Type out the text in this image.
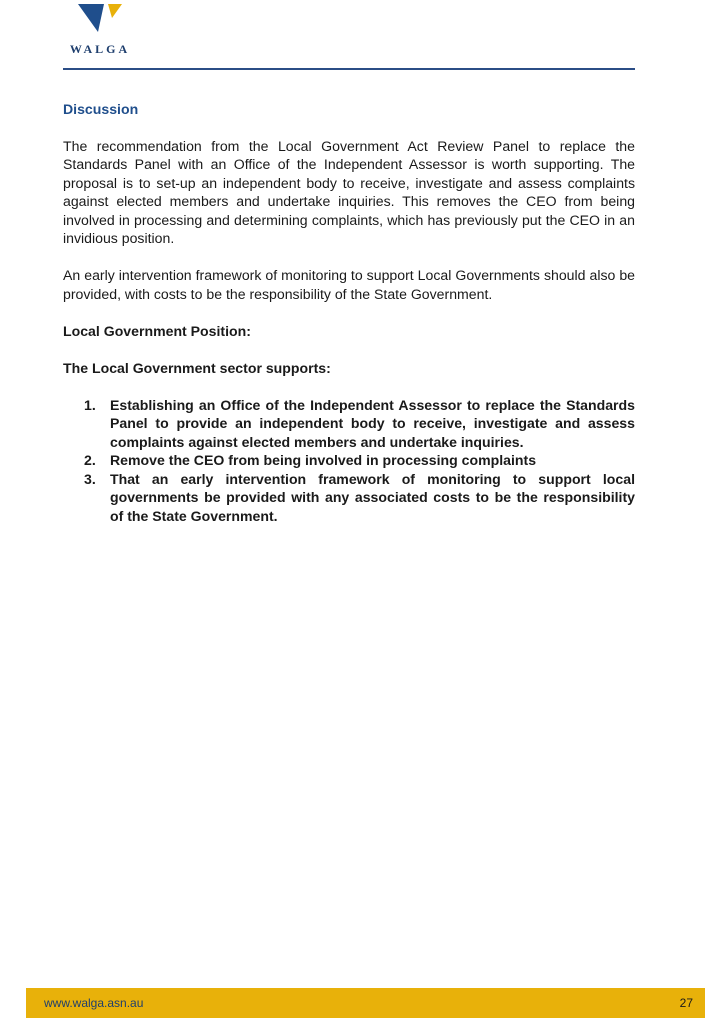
WALGA
Discussion

The recommendation from the Local Government Act Review Panel to replace the Standards Panel with an Office of the Independent Assessor is worth supporting. The proposal is to set-up an independent body to receive, investigate and assess complaints against elected members and undertake inquiries. This removes the CEO from being involved in processing and determining complaints, which has previously put the CEO in an invidious position.

An early intervention framework of monitoring to support Local Governments should also be provided, with costs to be the responsibility of the State Government.

Local Government Position:

The Local Government sector supports:

1. Establishing an Office of the Independent Assessor to replace the Standards Panel to provide an independent body to receive, investigate and assess complaints against elected members and undertake inquiries.
2. Remove the CEO from being involved in processing complaints
3. That an early intervention framework of monitoring to support local governments be provided with any associated costs to be the responsibility of the State Government.
www.walga.asn.au	27
